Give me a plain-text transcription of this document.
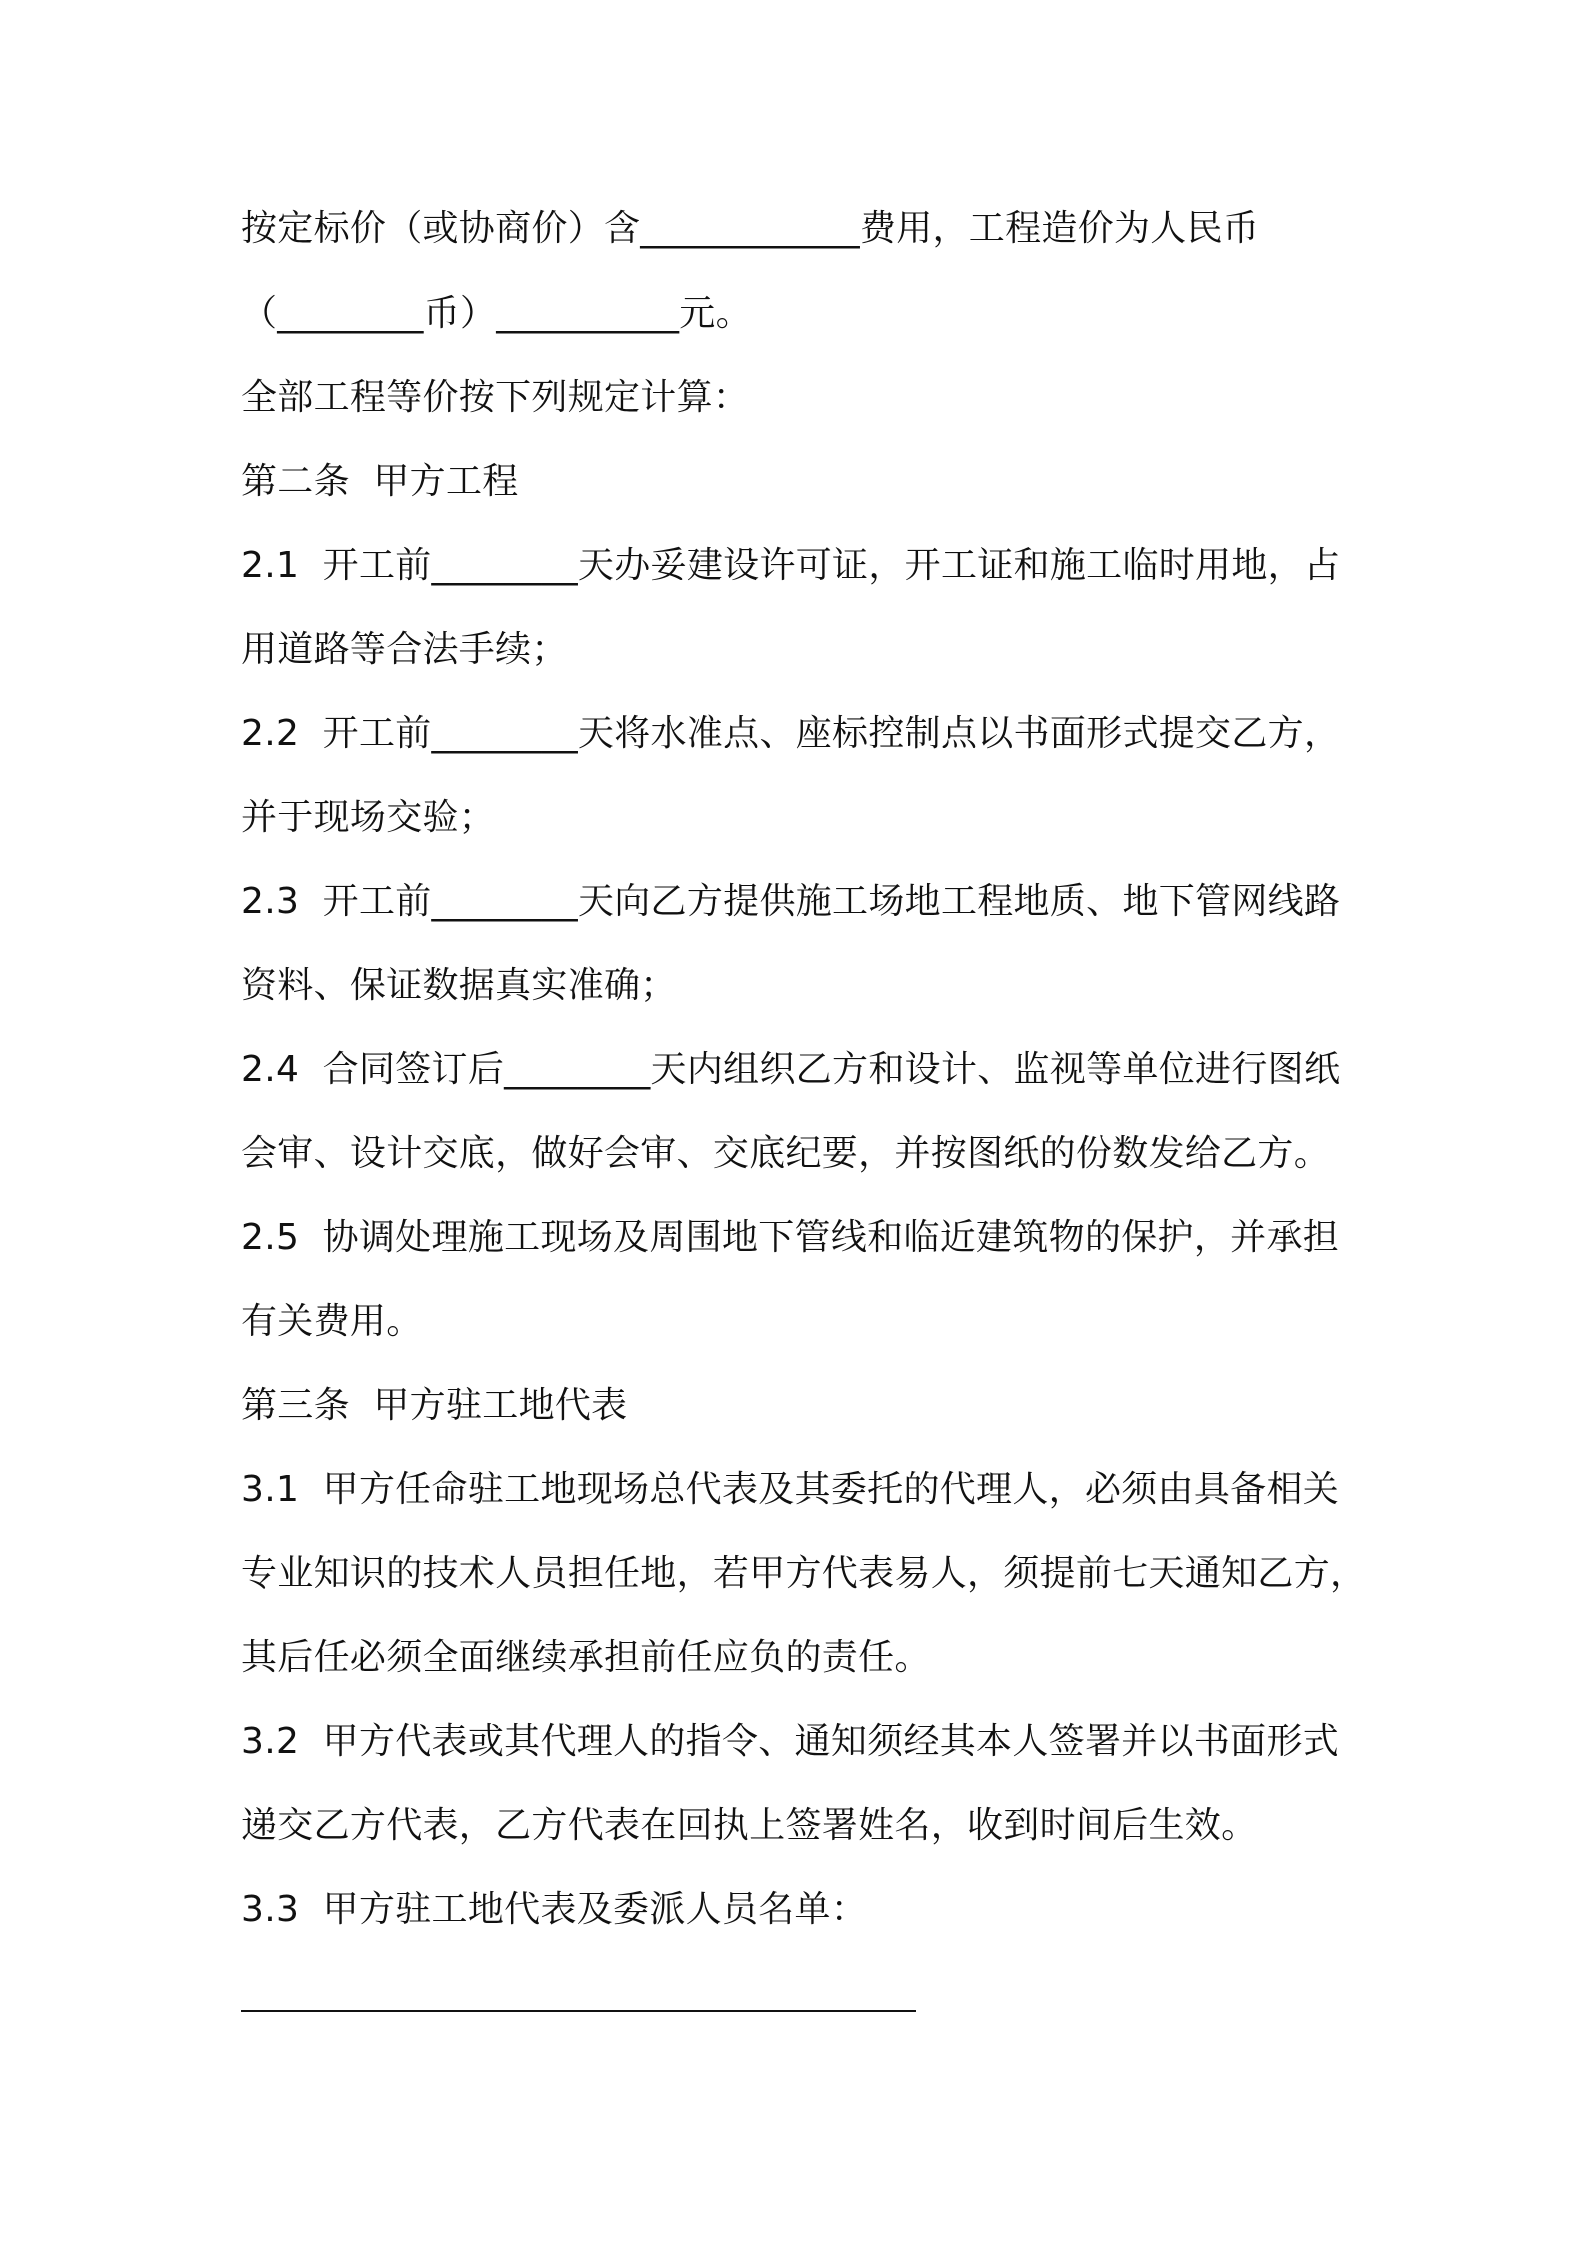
按定标价（或协商价）含____________费用，工程造价为人民币
（________币）__________元。
全部工程等价按下列规定计算：
第二条  甲方工程
2.1  开工前________天办妥建设许可证，开工证和施工临时用地，占
用道路等合法手续；
2.2  开工前________天将水准点、座标控制点以书面形式提交乙方，
并于现场交验；
2.3  开工前________天向乙方提供施工场地工程地质、地下管网线路
资料、保证数据真实准确；
2.4  合同签订后________天内组织乙方和设计、监视等单位进行图纸
会审、设计交底，做好会审、交底纪要，并按图纸的份数发给乙方。
2.5  协调处理施工现场及周围地下管线和临近建筑物的保护，并承担
有关费用。
第三条  甲方驻工地代表
3.1  甲方任命驻工地现场总代表及其委托的代理人，必须由具备相关
专业知识的技术人员担任地，若甲方代表易人，须提前七天通知乙方，
其后任必须全面继续承担前任应负的责任。
3.2  甲方代表或其代理人的指令、通知须经其本人签署并以书面形式
递交乙方代表，乙方代表在回执上签署姓名，收到时间后生效。
3.3  甲方驻工地代表及委派人员名单：
